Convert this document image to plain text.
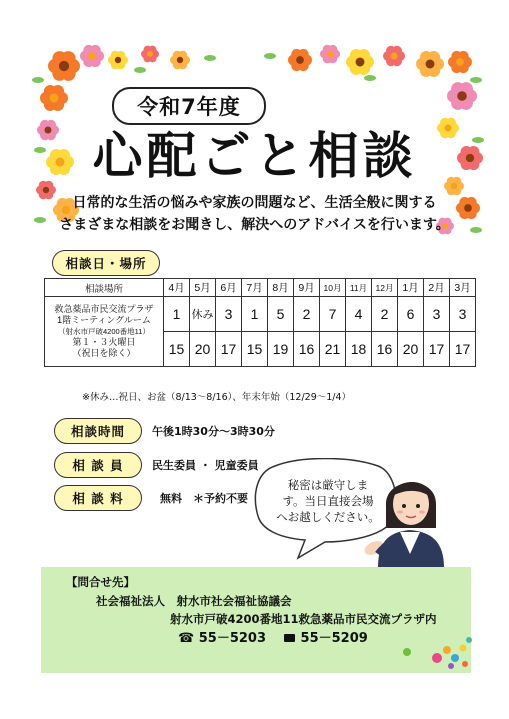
令和7年度
心配ごと相談
日常的な生活の悩みや家族の問題など、生活全般に関する
さまざまな相談をお聞きし、解決へのアドバイスを行います。
相談日・場所
相談場所	4月	5月	6月	7月	8月	9月	10月	11月	12月	1月	2月	3月
救急薬品市民交流プラザ
1階ミーティングルーム

（射水市戸破4200番地11）
第１・３火曜日
（祝日を除く）	1	休み	3	1	5	2	7	4	2	6	3	3
	15	20	17	15	19	16	21	18	16	20	17	17
※休み…祝日、お盆（8/13～8/16）、年末年始（12/29～1/4）
相談時間 午後1時30分～3時30分
相 談 員	民生委員 ・ 児童委員
相 談 料	無料　＊予約不要
秘密は厳守しま
す。当日直接会場
へお越しください。
【問合せ先】
社会福祉法人　射水市社会福祉協議会
射水市戸破4200番地11救急薬品市民交流プラザ内
☎ 55－5203	55－5209
